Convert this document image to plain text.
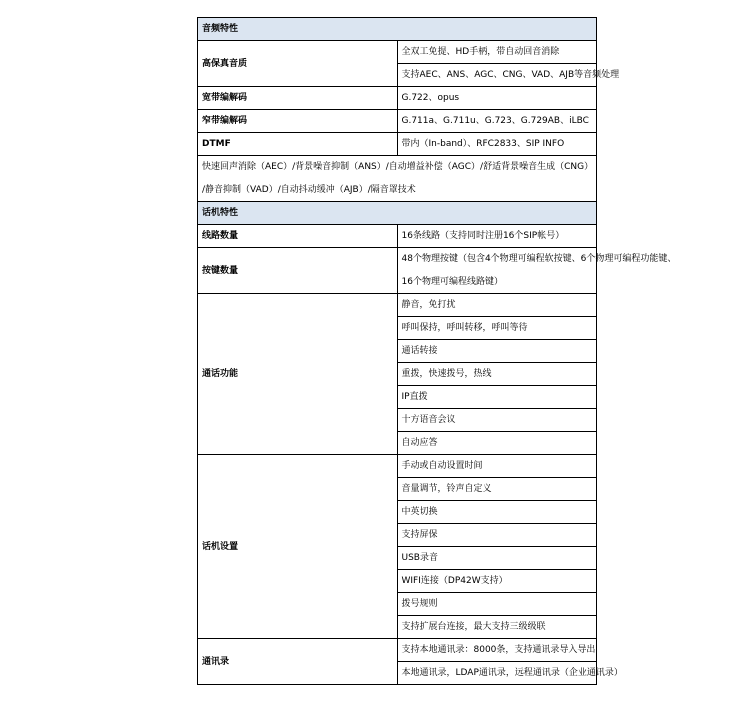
音频特性	
高保真音质	全双工免提、HD手柄，带自动回音消除
	支持AEC、ANS、AGC、CNG、VAD、AJB等音频处理
宽带编解码	G.722、opus
窄带编解码	G.711a、G.711u、G.723、G.729AB、iLBC
DTMF	带内（In-band）、RFC2833、SIP INFO
快速回声消除（AEC）/背景噪音抑制（ANS）/自动增益补偿（AGC）/舒适背景噪音生成（CNG）	
/静音抑制（VAD）/自动抖动缓冲（AJB）/隔音罩技术	
话机特性	
线路数量	16条线路（支持同时注册16个SIP帐号）
按键数量	48个物理按键（包含4个物理可编程软按键、6个物理可编程功能键、
	16个物理可编程线路键）
通话功能	静音，免打扰
	呼叫保持，呼叫转移，呼叫等待
	通话转接
	重拨，快速拨号，热线
	IP直拨
	十方语音会议
	自动应答
话机设置	手动或自动设置时间
	音量调节，铃声自定义
	中英切换
	支持屏保
	USB录音
	WIFI连接（DP42W支持）
	拨号规则
	支持扩展台连接，最大支持三级级联
通讯录	支持本地通讯录：8000条，支持通讯录导入导出
	本地通讯录，LDAP通讯录，远程通讯录（企业通讯录）
